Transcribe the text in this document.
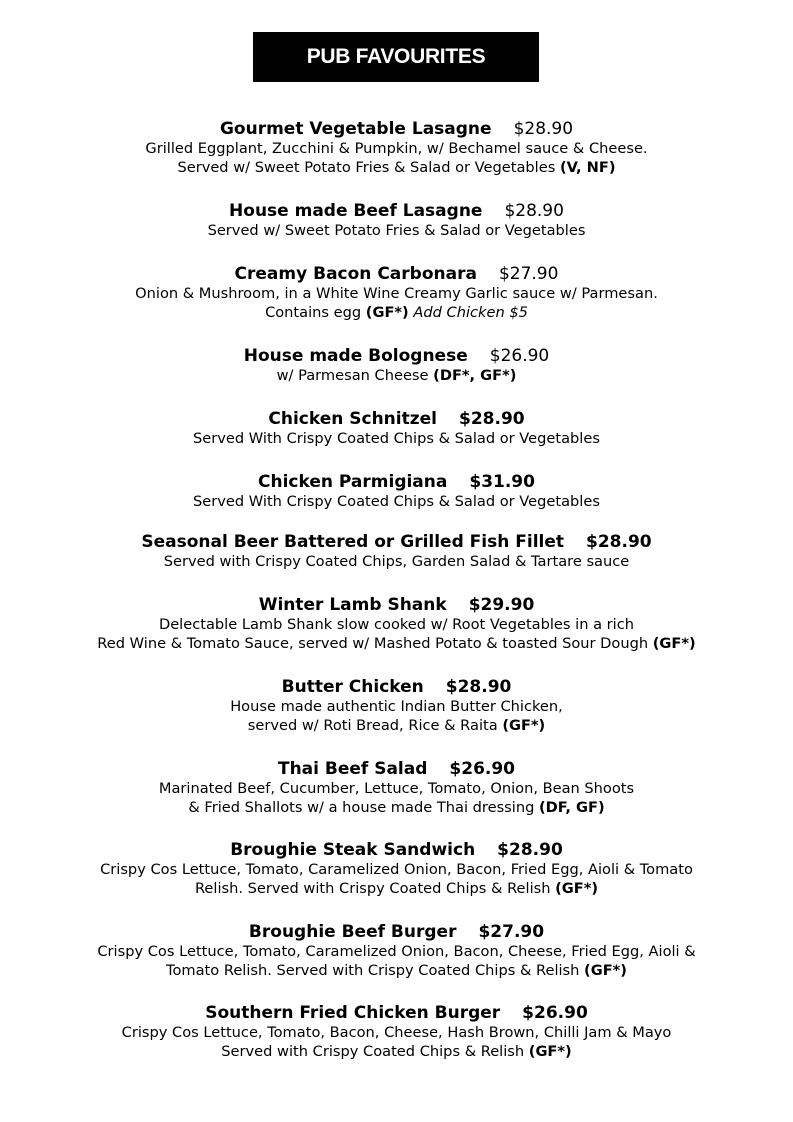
PUB FAVOURITES
Gourmet Vegetable Lasagne $28.90
Grilled Eggplant, Zucchini & Pumpkin, w/ Bechamel sauce & Cheese.
Served w/ Sweet Potato Fries & Salad or Vegetables (V, NF)
House made Beef Lasagne $28.90
Served w/ Sweet Potato Fries & Salad or Vegetables
Creamy Bacon Carbonara $27.90
Onion & Mushroom, in a White Wine Creamy Garlic sauce w/ Parmesan.
Contains egg (GF*) Add Chicken $5
House made Bolognese $26.90
w/ Parmesan Cheese (DF*, GF*)
Chicken Schnitzel $28.90
Served With Crispy Coated Chips & Salad or Vegetables
Chicken Parmigiana $31.90
Served With Crispy Coated Chips & Salad or Vegetables
Seasonal Beer Battered or Grilled Fish Fillet $28.90
Served with Crispy Coated Chips, Garden Salad & Tartare sauce
Winter Lamb Shank $29.90
Delectable Lamb Shank slow cooked w/ Root Vegetables in a rich
Red Wine & Tomato Sauce, served w/ Mashed Potato & toasted Sour Dough (GF*)
Butter Chicken $28.90
House made authentic Indian Butter Chicken,
served w/ Roti Bread, Rice & Raita (GF*)
Thai Beef Salad $26.90
Marinated Beef, Cucumber, Lettuce, Tomato, Onion, Bean Shoots
& Fried Shallots w/ a house made Thai dressing (DF, GF)
Broughie Steak Sandwich $28.90
Crispy Cos Lettuce, Tomato, Caramelized Onion, Bacon, Fried Egg, Aioli & Tomato
Relish. Served with Crispy Coated Chips & Relish (GF*)
Broughie Beef Burger $27.90
Crispy Cos Lettuce, Tomato, Caramelized Onion, Bacon, Cheese, Fried Egg, Aioli &
Tomato Relish. Served with Crispy Coated Chips & Relish (GF*)
Southern Fried Chicken Burger $26.90
Crispy Cos Lettuce, Tomato, Bacon, Cheese, Hash Brown, Chilli Jam & Mayo
Served with Crispy Coated Chips & Relish (GF*)
